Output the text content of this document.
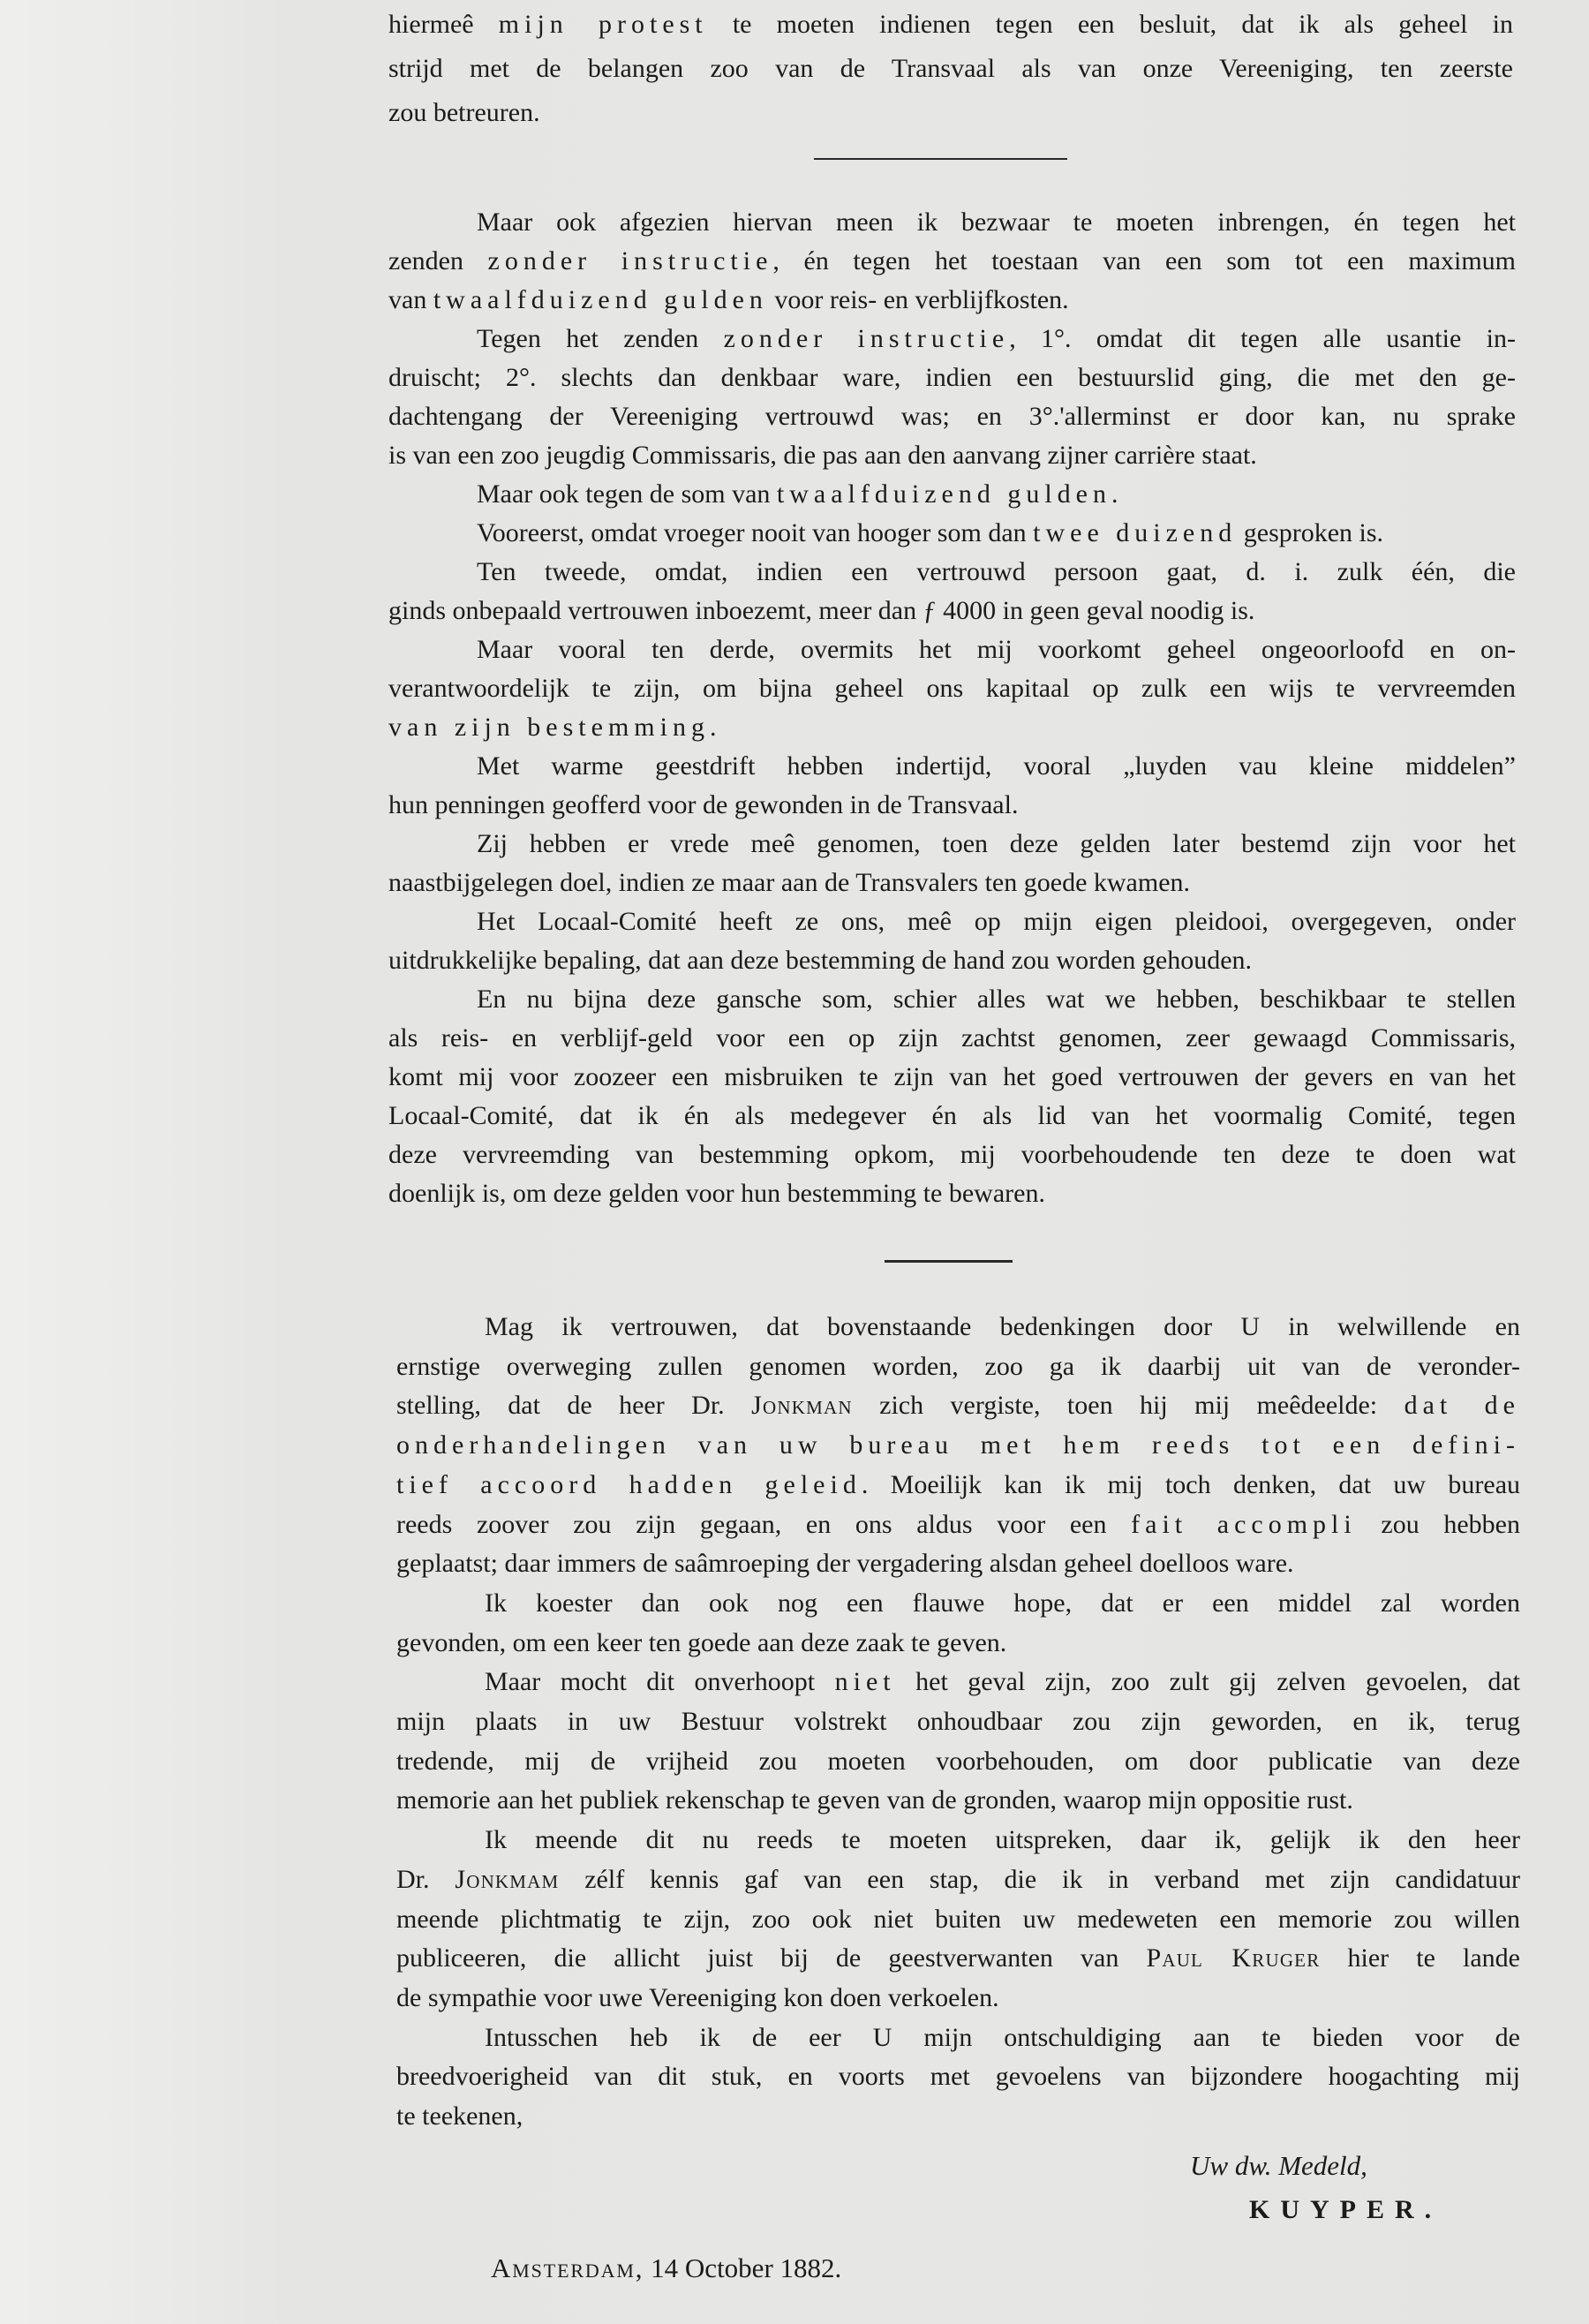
hiermeê mijn protest te moeten indienen tegen een besluit, dat ik als geheel in
strijd met de belangen zoo van de Transvaal als van onze Vereeniging, ten zeerste
zou betreuren.
Maar ook afgezien hiervan meen ik bezwaar te moeten inbrengen, én tegen het
zenden zonder instructie, én tegen het toestaan van een som tot een maximum
van twaalfduizend gulden voor reis- en verblijfkosten.
Tegen het zenden zonder instructie, 1°. omdat dit tegen alle usantie in-
druischt; 2°. slechts dan denkbaar ware, indien een bestuurslid ging, die met den ge-
dachtengang der Vereeniging vertrouwd was; en 3°.'allerminst er door kan, nu sprake
is van een zoo jeugdig Commissaris, die pas aan den aanvang zijner carrière staat.
Maar ook tegen de som van twaalfduizend gulden.
Vooreerst, omdat vroeger nooit van hooger som dan twee duizend gesproken is.
Ten tweede, omdat, indien een vertrouwd persoon gaat, d. i. zulk één, die
ginds onbepaald vertrouwen inboezemt, meer dan ƒ 4000 in geen geval noodig is.
Maar vooral ten derde, overmits het mij voorkomt geheel ongeoorloofd en on-
verantwoordelijk te zijn, om bijna geheel ons kapitaal op zulk een wijs te vervreemden
van zijn bestemming.
Met warme geestdrift hebben indertijd, vooral „luyden vau kleine middelen”
hun penningen geofferd voor de gewonden in de Transvaal.
Zij hebben er vrede meê genomen, toen deze gelden later bestemd zijn voor het
naastbijgelegen doel, indien ze maar aan de Transvalers ten goede kwamen.
Het Locaal-Comité heeft ze ons, meê op mijn eigen pleidooi, overgegeven, onder
uitdrukkelijke bepaling, dat aan deze bestemming de hand zou worden gehouden.
En nu bijna deze gansche som, schier alles wat we hebben, beschikbaar te stellen
als reis- en verblijf-geld voor een op zijn zachtst genomen, zeer gewaagd Commissaris,
komt mij voor zoozeer een misbruiken te zijn van het goed vertrouwen der gevers en van het
Locaal-Comité, dat ik én als medegever én als lid van het voormalig Comité, tegen
deze vervreemding van bestemming opkom, mij voorbehoudende ten deze te doen wat
doenlijk is, om deze gelden voor hun bestemming te bewaren.
Mag ik vertrouwen, dat bovenstaande bedenkingen door U in welwillende en
ernstige overweging zullen genomen worden, zoo ga ik daarbij uit van de veronder-
stelling, dat de heer Dr. Jonkman zich vergiste, toen hij mij meêdeelde: dat de
onderhandelingen van uw bureau met hem reeds tot een defini-
tief accoord hadden geleid. Moeilijk kan ik mij toch denken, dat uw bureau
reeds zoover zou zijn gegaan, en ons aldus voor een fait accompli zou hebben
geplaatst; daar immers de saâmroeping der vergadering alsdan geheel doelloos ware.
Ik koester dan ook nog een flauwe hope, dat er een middel zal worden
gevonden, om een keer ten goede aan deze zaak te geven.
Maar mocht dit onverhoopt niet het geval zijn, zoo zult gij zelven gevoelen, dat
mijn plaats in uw Bestuur volstrekt onhoudbaar zou zijn geworden, en ik, terug
tredende, mij de vrijheid zou moeten voorbehouden, om door publicatie van deze
memorie aan het publiek rekenschap te geven van de gronden, waarop mijn oppositie rust.
Ik meende dit nu reeds te moeten uitspreken, daar ik, gelijk ik den heer
Dr. Jonkmam zélf kennis gaf van een stap, die ik in verband met zijn candidatuur
meende plichtmatig te zijn, zoo ook niet buiten uw medeweten een memorie zou willen
publiceeren, die allicht juist bij de geestverwanten van Paul Kruger hier te lande
de sympathie voor uwe Vereeniging kon doen verkoelen.
Intusschen heb ik de eer U mijn ontschuldiging aan te bieden voor de
breedvoerigheid van dit stuk, en voorts met gevoelens van bijzondere hoogachting mij
te teekenen,
Uw dw. Medeld,
KUYPER.
Amsterdam, 14 October 1882.
